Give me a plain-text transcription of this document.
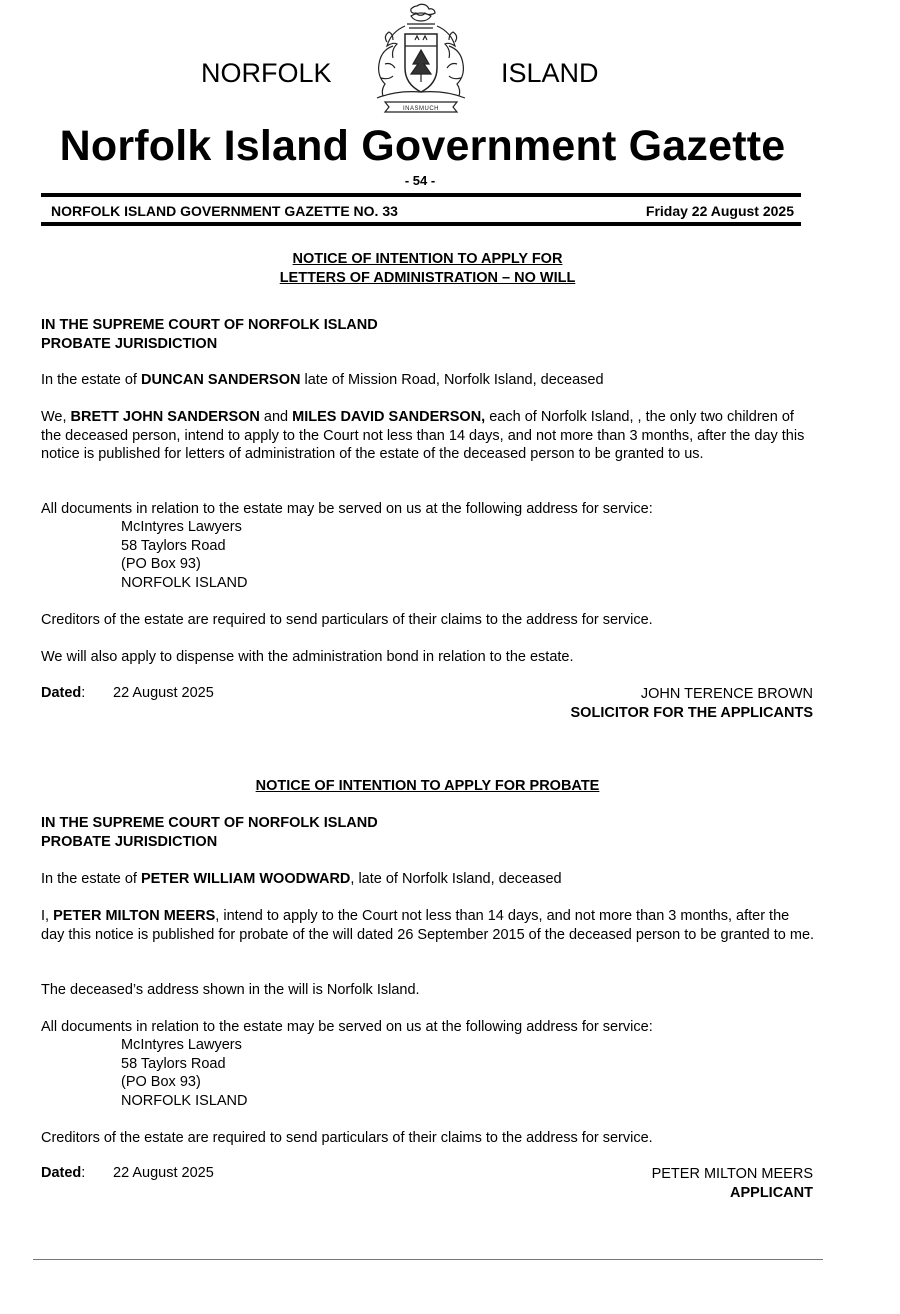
NORFOLK	ISLAND
INASMUCH
Norfolk Island Government Gazette
- 54 -
NORFOLK ISLAND GOVERNMENT GAZETTE NO. 33	Friday 22 August 2025
NOTICE OF INTENTION TO APPLY FOR
LETTERS OF ADMINISTRATION – NO WILL
IN THE SUPREME COURT OF NORFOLK ISLAND
PROBATE JURISDICTION
In the estate of DUNCAN SANDERSON late of Mission Road, Norfolk Island, deceased
We, BRETT JOHN SANDERSON and MILES DAVID SANDERSON, each of Norfolk Island, , the only two children of the deceased person, intend to apply to the Court not less than 14 days, and not more than 3 months, after the day this notice is published for letters of administration of the estate of the deceased person to be granted to us.
All documents in relation to the estate may be served on us at the following address for service:
McIntyres Lawyers
58 Taylors Road
(PO Box 93)
NORFOLK ISLAND
Creditors of the estate are required to send particulars of their claims to the address for service.
We will also apply to dispense with the administration bond in relation to the estate.
Dated: 22 August 2025	JOHN TERENCE BROWN
SOLICITOR FOR THE APPLICANTS
NOTICE OF INTENTION TO APPLY FOR PROBATE
IN THE SUPREME COURT OF NORFOLK ISLAND
PROBATE JURISDICTION
In the estate of PETER WILLIAM WOODWARD, late of Norfolk Island, deceased
I, PETER MILTON MEERS, intend to apply to the Court not less than 14 days, and not more than 3 months, after the day this notice is published for probate of the will dated 26 September 2015 of the deceased person to be granted to me.
The deceased’s address shown in the will is Norfolk Island.
All documents in relation to the estate may be served on us at the following address for service:
McIntyres Lawyers
58 Taylors Road
(PO Box 93)
NORFOLK ISLAND
Creditors of the estate are required to send particulars of their claims to the address for service.
Dated: 22 August 2025	PETER MILTON MEERS
APPLICANT
